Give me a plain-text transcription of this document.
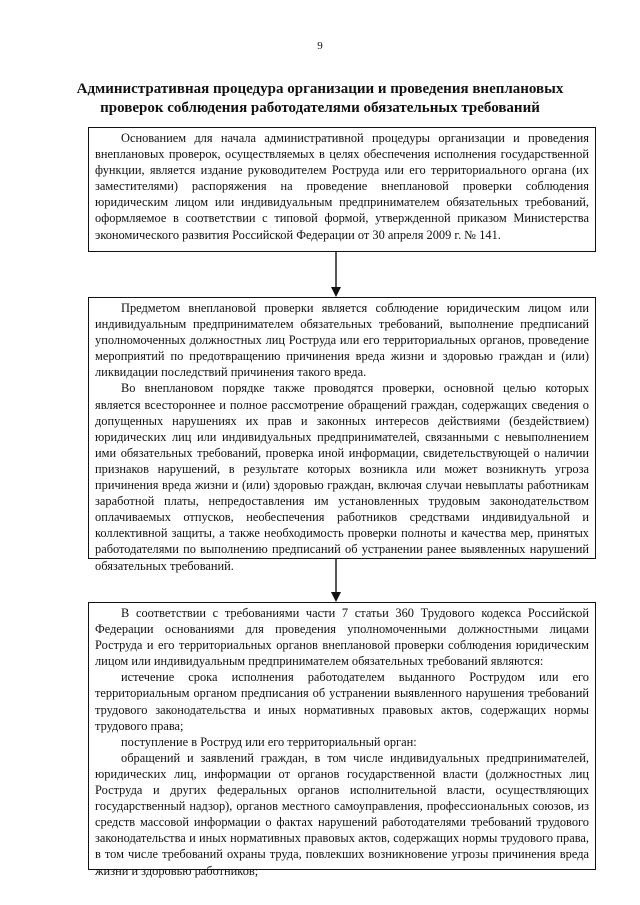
9
Административная процедура организации и проведения внеплановых
проверок соблюдения работодателями обязательных требований

Основанием для начала административной процедуры организации и проведения внеплановых проверок, осуществляемых в целях обеспечения исполнения государственной функции, является издание руководителем Роструда или его территориального органа (их заместителями) распоряжения на проведение внеплановой проверки соблюдения юридическим лицом или индивидуальным предпринимателем обязательных требований, оформляемое в соответствии с типовой формой, утвержденной приказом Министерства экономического развития Российской Федерации от 30 апреля 2009 г. № 141.

Предметом внеплановой проверки является соблюдение юридическим лицом или индивидуальным предпринимателем обязательных требований, выполнение предписаний уполномоченных должностных лиц Роструда или его территориальных органов, проведение мероприятий по предотвращению причинения вреда жизни и здоровью граждан и (или) ликвидации последствий причинения такого вреда.

Во внеплановом порядке также проводятся проверки, основной целью которых является всестороннее и полное рассмотрение обращений граждан, содержащих сведения о допущенных нарушениях их прав и законных интересов действиями (бездействием) юридических лиц или индивидуальных предпринимателей, связанными с невыполнением ими обязательных требований, проверка иной информации, свидетельствующей о наличии признаков нарушений, в результате которых возникла или может возникнуть угроза причинения вреда жизни и (или) здоровью граждан, включая случаи невыплаты работникам заработной платы, непредоставления им установленных трудовым законодательством оплачиваемых отпусков, необеспечения работников средствами индивидуальной и коллективной защиты, а также необходимость проверки полноты и качества мер, принятых работодателями по выполнению предписаний об устранении ранее выявленных нарушений обязательных требований.

В соответствии с требованиями части 7 статьи 360 Трудового кодекса Российской Федерации основаниями для проведения уполномоченными должностными лицами Роструда и его территориальных органов внеплановой проверки соблюдения юридическим лицом или индивидуальным предпринимателем обязательных требований являются:

истечение срока исполнения работодателем выданного Рострудом или его территориальным органом предписания об устранении выявленного нарушения требований трудового законодательства и иных нормативных правовых актов, содержащих нормы трудового права;

поступление в Роструд или его территориальный орган:

обращений и заявлений граждан, в том числе индивидуальных предпринимателей, юридических лиц, информации от органов государственной власти (должностных лиц Роструда и других федеральных органов исполнительной власти, осуществляющих государственный надзор), органов местного самоуправления, профессиональных союзов, из средств массовой информации о фактах нарушений работодателями требований трудового законодательства и иных нормативных правовых актов, содержащих нормы трудового права, в том числе требований охраны труда, повлекших возникновение угрозы причинения вреда жизни и здоровью работников;
